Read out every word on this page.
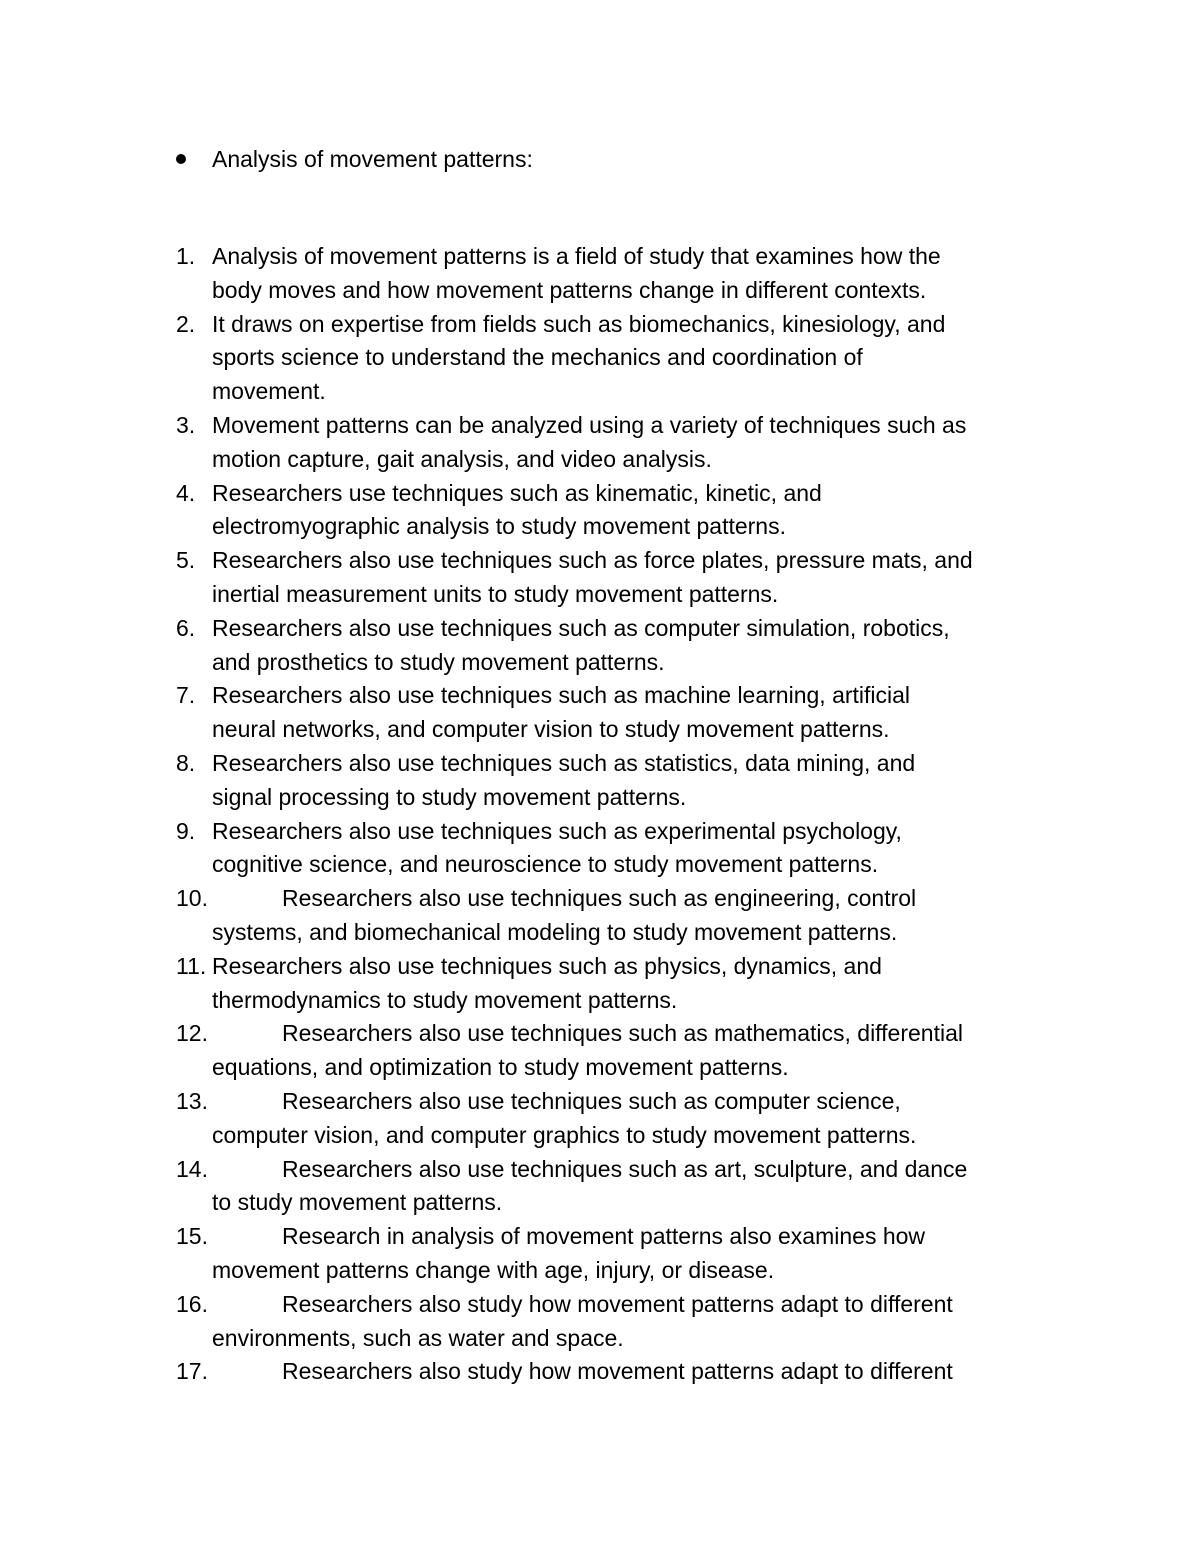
Analysis of movement patterns:
1. Analysis of movement patterns is a field of study that examines how the
body moves and how movement patterns change in different contexts.
2. It draws on expertise from fields such as biomechanics, kinesiology, and
sports science to understand the mechanics and coordination of
movement.
3. Movement patterns can be analyzed using a variety of techniques such as
motion capture, gait analysis, and video analysis.
4. Researchers use techniques such as kinematic, kinetic, and
electromyographic analysis to study movement patterns.
5. Researchers also use techniques such as force plates, pressure mats, and
inertial measurement units to study movement patterns.
6. Researchers also use techniques such as computer simulation, robotics,
and prosthetics to study movement patterns.
7. Researchers also use techniques such as machine learning, artificial
neural networks, and computer vision to study movement patterns.
8. Researchers also use techniques such as statistics, data mining, and
signal processing to study movement patterns.
9. Researchers also use techniques such as experimental psychology,
cognitive science, and neuroscience to study movement patterns.
10.	Researchers also use techniques such as engineering, control
systems, and biomechanical modeling to study movement patterns.
11. Researchers also use techniques such as physics, dynamics, and
thermodynamics to study movement patterns.
12.	Researchers also use techniques such as mathematics, differential
equations, and optimization to study movement patterns.
13.	Researchers also use techniques such as computer science,
computer vision, and computer graphics to study movement patterns.
14.	Researchers also use techniques such as art, sculpture, and dance
to study movement patterns.
15.	Research in analysis of movement patterns also examines how
movement patterns change with age, injury, or disease.
16.	Researchers also study how movement patterns adapt to different
environments, such as water and space.
17.	Researchers also study how movement patterns adapt to different
